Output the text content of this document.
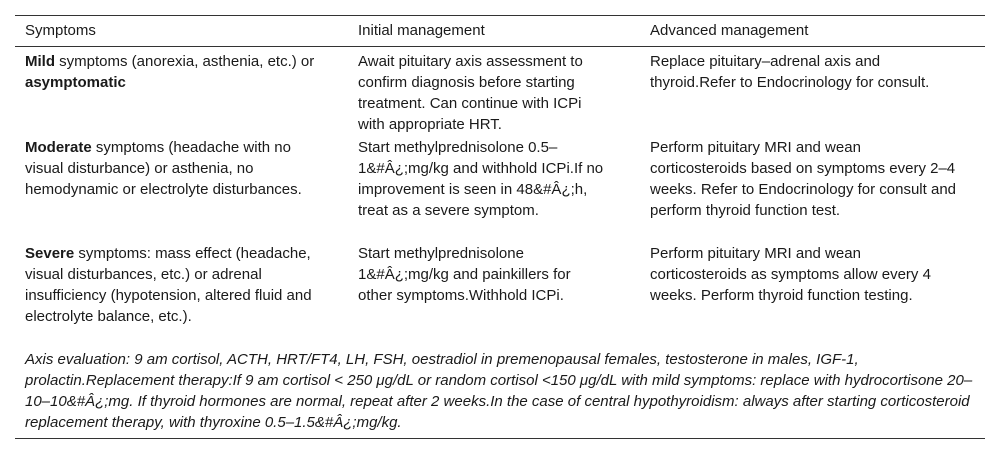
Symptoms	Initial management	Advanced management
Mild symptoms (anorexia, asthenia, etc.) or asymptomatic
Await pituitary axis assessment to confirm diagnosis before starting treatment. Can continue with ICPi with appropriate HRT.
Replace pituitary–adrenal axis and thyroid.Refer to Endocrinology for consult.
Moderate symptoms (headache with no visual disturbance) or asthenia, no hemodynamic or electrolyte disturbances.
Start methylprednisolone 0.5–1&#Â¿;mg/kg and withhold ICPi.If no improvement is seen in 48&#Â¿;h, treat as a severe symptom.
Perform pituitary MRI and wean corticosteroids based on symptoms every 2–4 weeks. Refer to Endocrinology for consult and perform thyroid function test.
Severe symptoms: mass effect (headache, visual disturbances, etc.) or adrenal insufficiency (hypotension, altered fluid and electrolyte balance, etc.).
Start methylprednisolone 1&#Â¿;mg/kg and painkillers for other symptoms.Withhold ICPi.
Perform pituitary MRI and wean corticosteroids as symptoms allow every 4 weeks. Perform thyroid function testing.
Axis evaluation: 9 am cortisol, ACTH, HRT/FT4, LH, FSH, oestradiol in premenopausal females, testosterone in males, IGF-1, prolactin.Replacement therapy:If 9 am cortisol < 250 μg/dL or random cortisol <150 μg/dL with mild symptoms: replace with hydrocortisone 20–10–10&#Â¿;mg. If thyroid hormones are normal, repeat after 2 weeks.In the case of central hypothyroidism: always after starting corticosteroid replacement therapy, with thyroxine 0.5–1.5&#Â¿;mg/kg.
